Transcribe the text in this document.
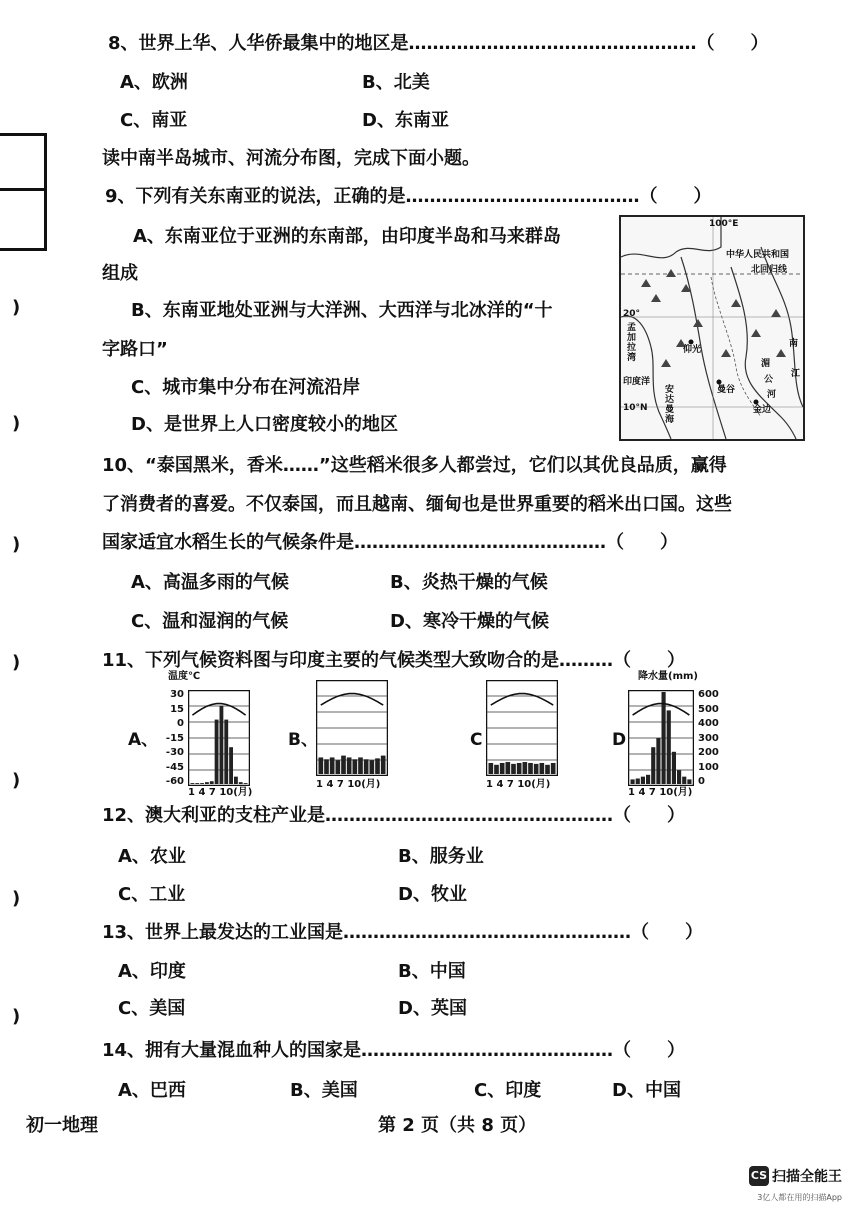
)
)
)
)
)
)
)
8、世界上华、人华侨最集中的地区是…………………………………………（　　）
A、欧洲	B、北美
C、南亚	D、东南亚
读中南半岛城市、河流分布图，完成下面小题。
9、下列有关东南亚的说法，正确的是…………………………………（　　）
A、东南亚位于亚洲的东南部，由印度半岛和马来群岛
组成
B、东南亚地处亚洲与大洋洲、大西洋与北冰洋的“十
字路口”
C、城市集中分布在河流沿岸
D、是世界上人口密度较小的地区
100°E
中华人民共和国
北回归线
20°
孟加拉湾
印度洋
曼谷
金边
安达曼海
10°N
南
江
湄
公
河
仰光
10、“泰国黑米，香米……”这些稻米很多人都尝过，它们以其优良品质，赢得
了消费者的喜爱。不仅泰国，而且越南、缅甸也是世界重要的稻米出口国。这些
国家适宜水稻生长的气候条件是……………………………………（　　）
A、高温多雨的气候	B、炎热干燥的气候
C、温和湿润的气候	D、寒冷干燥的气候
11、下列气候资料图与印度主要的气候类型大致吻合的是………（　　）
A、	B、	C	D
温度℃
30
15
0
-15
-30
-45
-60
1 4 7 10(月)
1 4 7 10(月)	1 4 7 10(月)
降水量(mm)
600
500
400
300
200
100
0
1 4 7 10(月)
12、澳大利亚的支柱产业是…………………………………………（　　）
A、农业	B、服务业
C、工业	D、牧业
13、世界上最发达的工业国是…………………………………………（　　）
A、印度	B、中国
C、美国	D、英国
14、拥有大量混血种人的国家是……………………………………（　　）
A、巴西	B、美国	C、印度	D、中国
初一地理	第 2 页（共 8 页）
CS 扫描全能王
3亿人都在用的扫描App
